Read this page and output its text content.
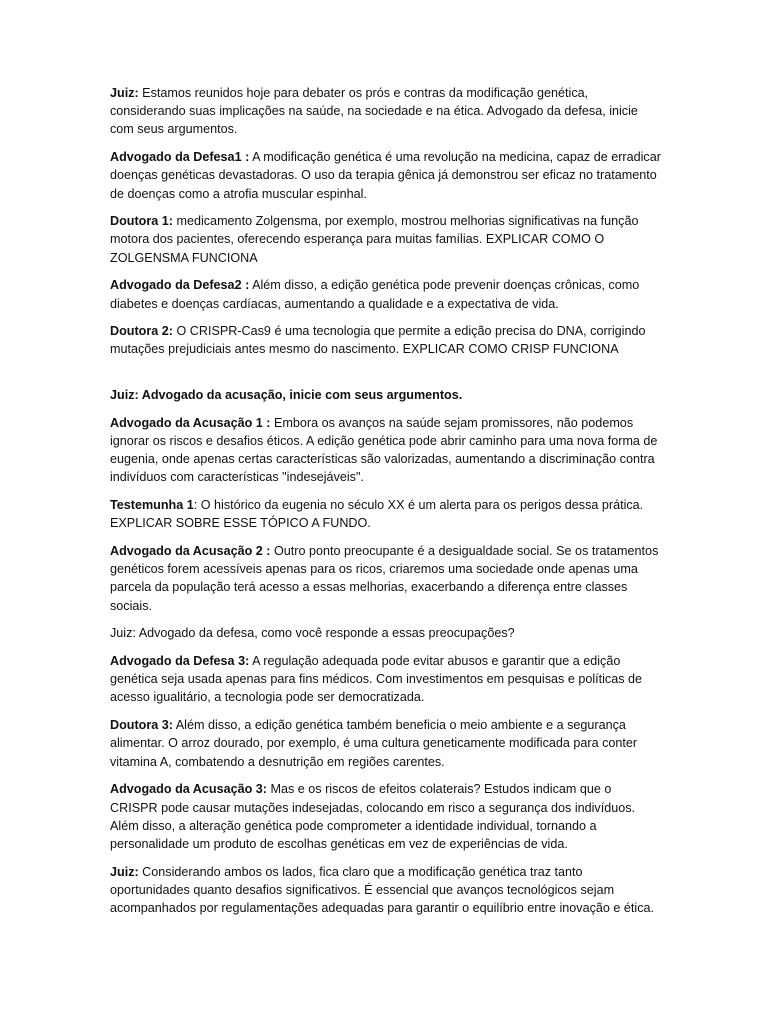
Juiz: Estamos reunidos hoje para debater os prós e contras da modificação genética, considerando suas implicações na saúde, na sociedade e na ética. Advogado da defesa, inicie com seus argumentos.

Advogado da Defesa1 : A modificação genética é uma revolução na medicina, capaz de erradicar doenças genéticas devastadoras. O uso da terapia gênica já demonstrou ser eficaz no tratamento de doenças como a atrofia muscular espinhal.

Doutora 1: medicamento Zolgensma, por exemplo, mostrou melhorias significativas na função motora dos pacientes, oferecendo esperança para muitas famílias. EXPLICAR COMO O ZOLGENSMA FUNCIONA

Advogado da Defesa2 : Além disso, a edição genética pode prevenir doenças crônicas, como diabetes e doenças cardíacas, aumentando a qualidade e a expectativa de vida.

Doutora 2: O CRISPR-Cas9 é uma tecnologia que permite a edição precisa do DNA, corrigindo mutações prejudiciais antes mesmo do nascimento. EXPLICAR COMO CRISP FUNCIONA

Juiz: Advogado da acusação, inicie com seus argumentos.

Advogado da Acusação 1 : Embora os avanços na saúde sejam promissores, não podemos ignorar os riscos e desafios éticos. A edição genética pode abrir caminho para uma nova forma de eugenia, onde apenas certas características são valorizadas, aumentando a discriminação contra indivíduos com características "indesejáveis".

Testemunha 1: O histórico da eugenia no século XX é um alerta para os perigos dessa prática. EXPLICAR SOBRE ESSE TÓPICO A FUNDO.

Advogado da Acusação 2 : Outro ponto preocupante é a desigualdade social. Se os tratamentos genéticos forem acessíveis apenas para os ricos, criaremos uma sociedade onde apenas uma parcela da população terá acesso a essas melhorias, exacerbando a diferença entre classes sociais.

Juiz: Advogado da defesa, como você responde a essas preocupações?

Advogado da Defesa 3: A regulação adequada pode evitar abusos e garantir que a edição genética seja usada apenas para fins médicos. Com investimentos em pesquisas e políticas de acesso igualitário, a tecnologia pode ser democratizada.

Doutora 3: Além disso, a edição genética também beneficia o meio ambiente e a segurança alimentar. O arroz dourado, por exemplo, é uma cultura geneticamente modificada para conter vitamina A, combatendo a desnutrição em regiões carentes.

Advogado da Acusação 3: Mas e os riscos de efeitos colaterais? Estudos indicam que o CRISPR pode causar mutações indesejadas, colocando em risco a segurança dos indivíduos. Além disso, a alteração genética pode comprometer a identidade individual, tornando a personalidade um produto de escolhas genéticas em vez de experiências de vida.

Juiz: Considerando ambos os lados, fica claro que a modificação genética traz tanto oportunidades quanto desafios significativos. É essencial que avanços tecnológicos sejam acompanhados por regulamentações adequadas para garantir o equilíbrio entre inovação e ética.
